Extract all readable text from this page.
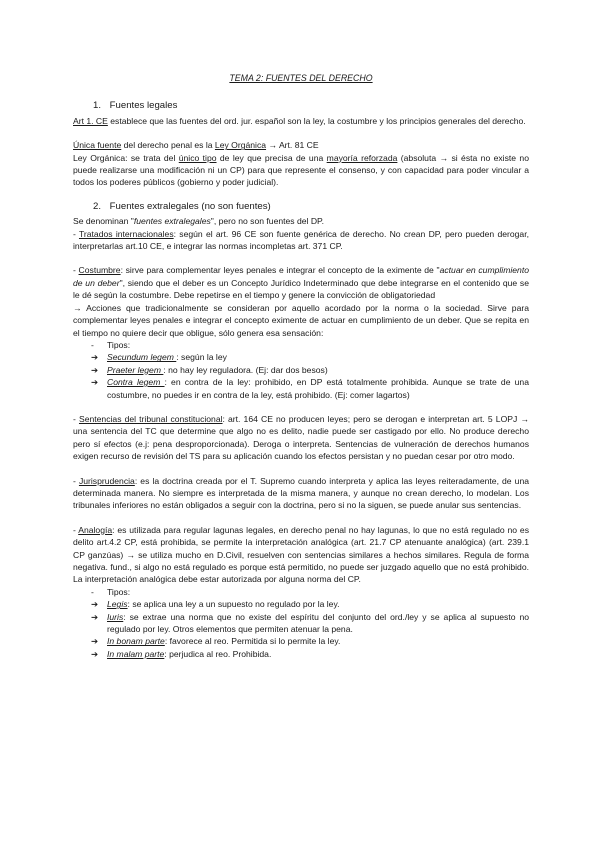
TEMA 2: FUENTES DEL DERECHO
1. Fuentes legales

Art 1. CE establece que las fuentes del ord. jur. español son la ley, la costumbre y los principios generales del derecho.

Única fuente del derecho penal es la Ley Orgánica → Art. 81 CE

Ley Orgánica: se trata del único tipo de ley que precisa de una mayoría reforzada (absoluta → si ésta no existe no puede realizarse una modificación ni un CP) para que represente el consenso, y con capacidad para poder vincular a todos los poderes públicos (gobierno y poder judicial).

2. Fuentes extralegales (no son fuentes)

Se denominan "fuentes extralegales", pero no son fuentes del DP.

- Tratados internacionales: según el art. 96 CE son fuente genérica de derecho. No crean DP, pero pueden derogar, interpretarlas art.10 CE, e integrar las normas incompletas art. 371 CP.

- Costumbre: sirve para complementar leyes penales e integrar el concepto de la eximente de "actuar en cumplimiento de un deber", siendo que el deber es un Concepto Jurídico Indeterminado que debe integrarse en el contenido que se le dé según la costumbre. Debe repetirse en el tiempo y genere la convicción de obligatoriedad

→ Acciones que tradicionalmente se consideran por aquello acordado por la norma o la sociedad. Sirve para complementar leyes penales e integrar el concepto eximente de actuar en cumplimiento de un deber. Que se repita en el tiempo no quiere decir que obligue, sólo genera esa sensación:

- Tipos:
➔ Secundum legem : según la ley
➔ Praeter legem : no hay ley reguladora. (Ej: dar dos besos)
➔ Contra legem : en contra de la ley: prohibido, en DP está totalmente prohibida. Aunque se trate de una costumbre, no puedes ir en contra de la ley, está prohibido. (Ej: comer lagartos)

- Sentencias del tribunal constitucional: art. 164 CE no producen leyes; pero se derogan e interpretan art. 5 LOPJ → una sentencia del TC que determine que algo no es delito, nadie puede ser castigado por ello. No produce derecho pero sí efectos (e.j: pena desproporcionada). Deroga o interpreta. Sentencias de vulneración de derechos humanos exigen recurso de revisión del TS para su aplicación cuando los efectos persistan y no puedan cesar por otro modo.

- Jurisprudencia: es la doctrina creada por el T. Supremo cuando interpreta y aplica las leyes reiteradamente, de una determinada manera. No siempre es interpretada de la misma manera, y aunque no crean derecho, lo modelan. Los tribunales inferiores no están obligados a seguir con la doctrina, pero si no la siguen, se puede anular sus sentencias.

- Analogía: es utilizada para regular lagunas legales, en derecho penal no hay lagunas, lo que no está regulado no es delito art.4.2 CP, está prohibida, se permite la interpretación analógica (art. 21.7 CP atenuante analógica) (art. 239.1 CP ganzúas) → se utiliza mucho en D.Civil, resuelven con sentencias similares a hechos similares. Regula de forma negativa. fund., si algo no está regulado es porque está permitido, no puede ser juzgado aquello que no está prohibido. La interpretación analógica debe estar autorizada por alguna norma del CP.

- Tipos:
➔ Legis: se aplica una ley a un supuesto no regulado por la ley.
➔ Iuris: se extrae una norma que no existe del espíritu del conjunto del ord./ley y se aplica al supuesto no regulado por ley. Otros elementos que permiten atenuar la pena.
➔ In bonam parte: favorece al reo. Permitida si lo permite la ley.
➔ In malam parte: perjudica al reo. Prohibida.
